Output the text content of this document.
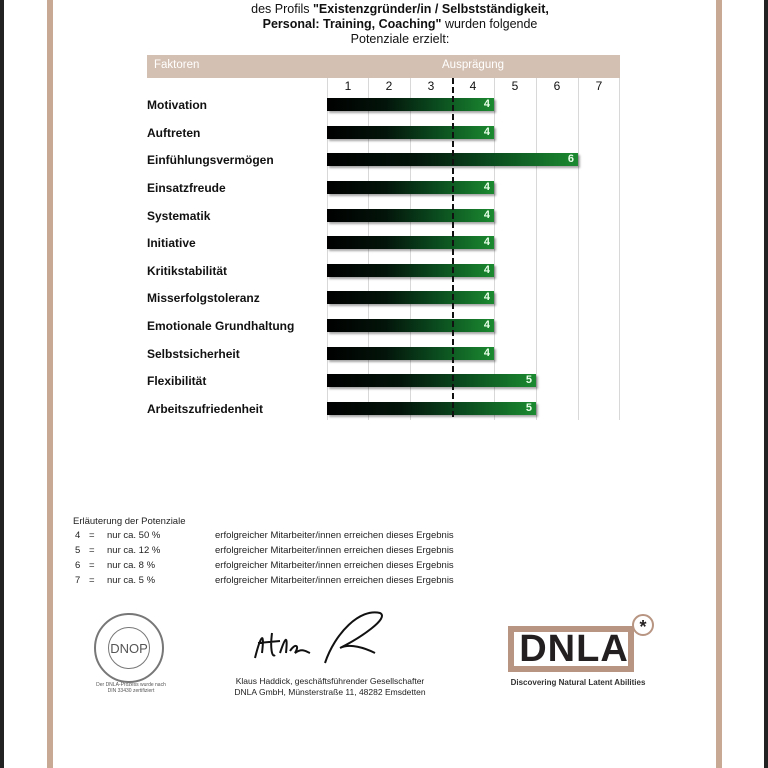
des Profils "Existenzgründer/in / Selbstständigkeit,
Personal: Training, Coaching" wurden folgende
Potenziale erzielt:
Faktoren	Ausprägung
1	2	3	4	5	6	7
Motivation	4
Auftreten	4
Einfühlungsvermögen	6
Einsatzfreude	4
Systematik	4
Initiative	4
Kritikstabilität	4
Misserfolgstoleranz	4
Emotionale Grundhaltung	4
Selbstsicherheit	4
Flexibilität	5
Arbeitszufriedenheit	5
Erläuterung der Potenziale
4 = nur ca. 50 %	erfolgreicher Mitarbeiter/innen erreichen dieses Ergebnis
5 = nur ca. 12 %	erfolgreicher Mitarbeiter/innen erreichen dieses Ergebnis
6 = nur ca. 8 %	erfolgreicher Mitarbeiter/innen erreichen dieses Ergebnis
7 = nur ca. 5 %	erfolgreicher Mitarbeiter/innen erreichen dieses Ergebnis
DNOP
Der DNLA-Prozess wurde nach DIN 33430 zertifiziert
Klaus Haddick, geschäftsführender Gesellschafter
DNLA GmbH, Münsterstraße 11, 48282 Emsdetten
DNLA
*
Discovering Natural Latent Abilities
